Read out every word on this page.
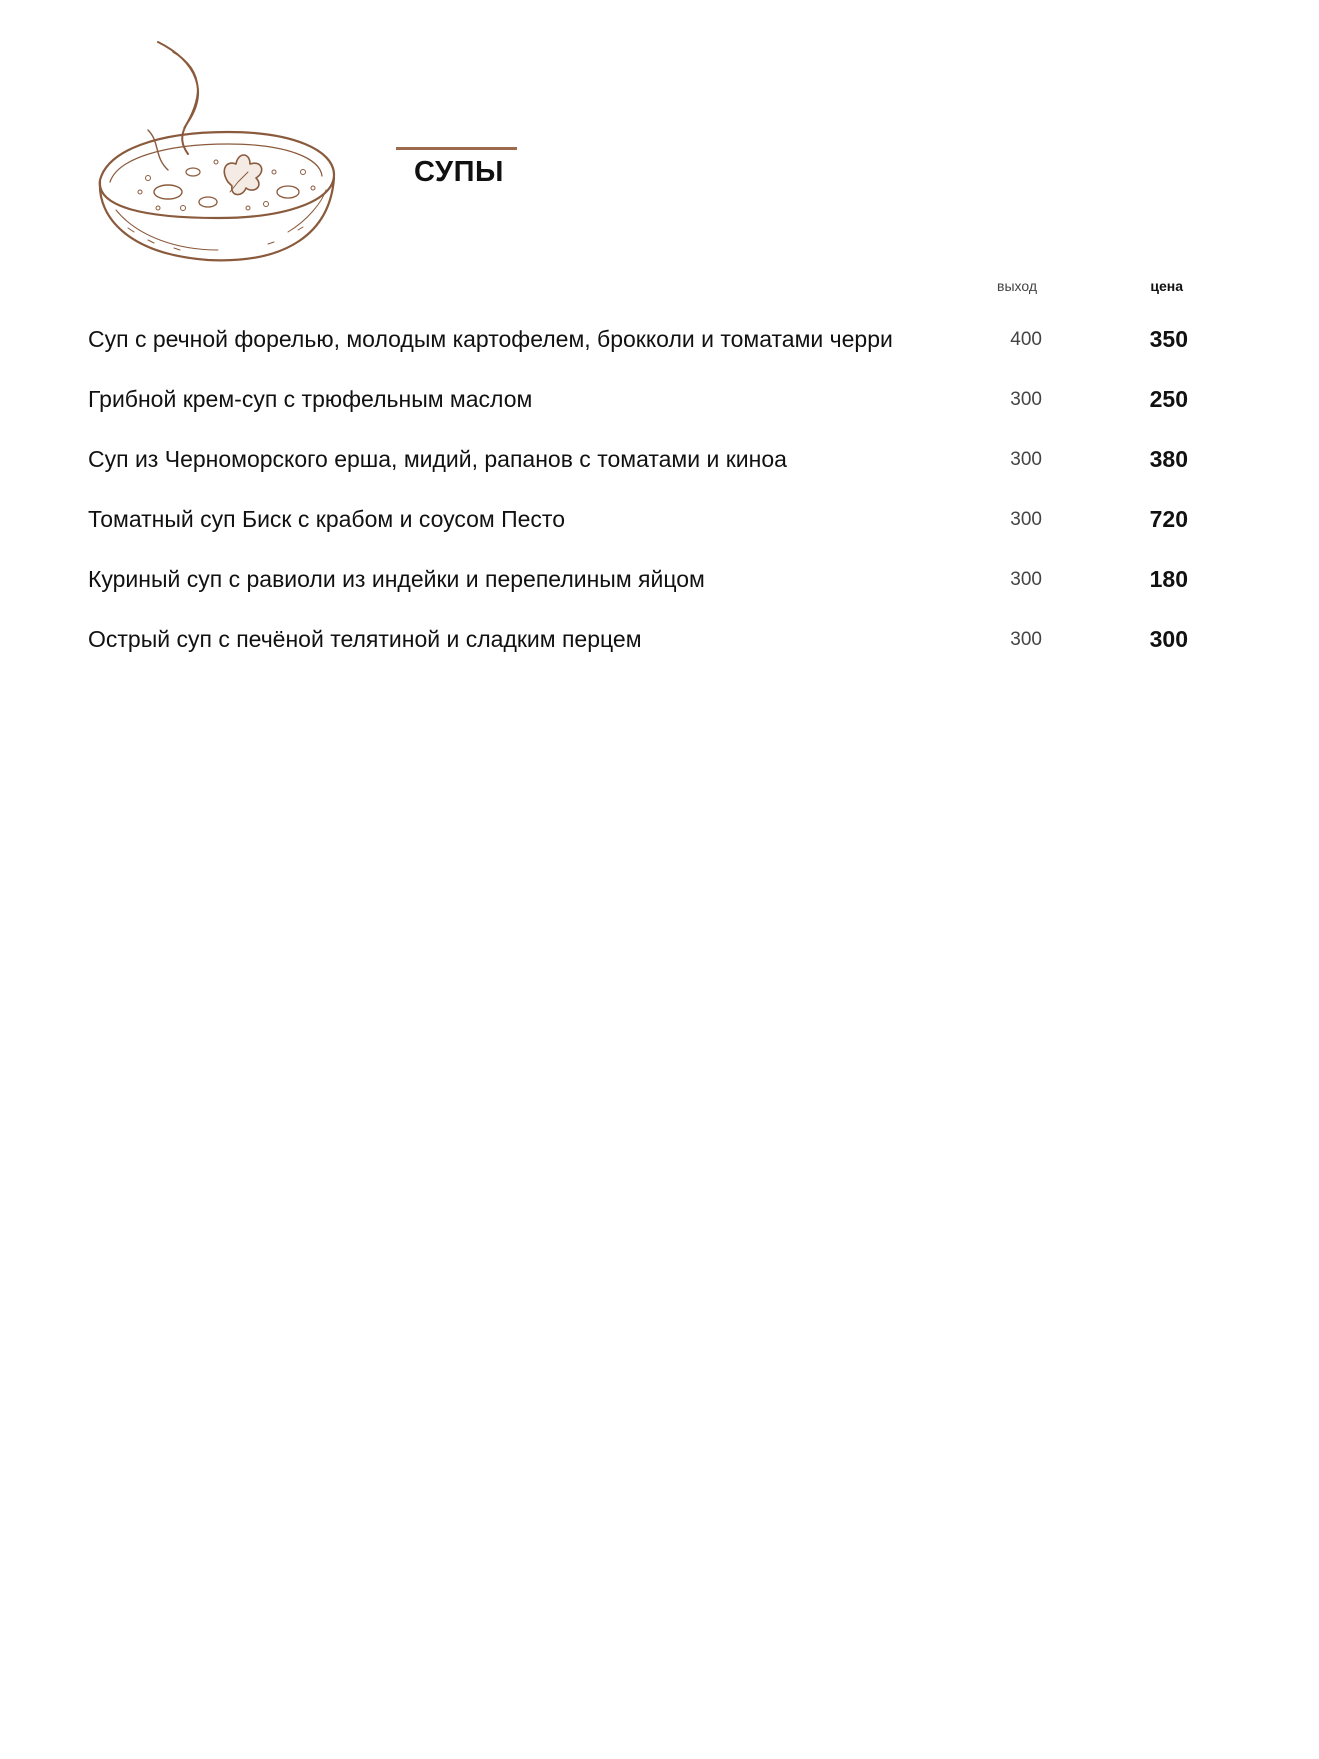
СУПЫ
выход	цена
Суп с речной форелью, молодым картофелем, брокколи и томатами черри	400	350
Грибной крем-суп с трюфельным маслом	300	250
Суп из Черноморского ерша, мидий, рапанов с томатами и киноа	300	380
Томатный суп Биск с крабом и соусом Песто	300	720
Куриный суп с равиоли из индейки и перепелиным яйцом	300	180
Острый суп с печёной телятиной и сладким перцем	300	300
